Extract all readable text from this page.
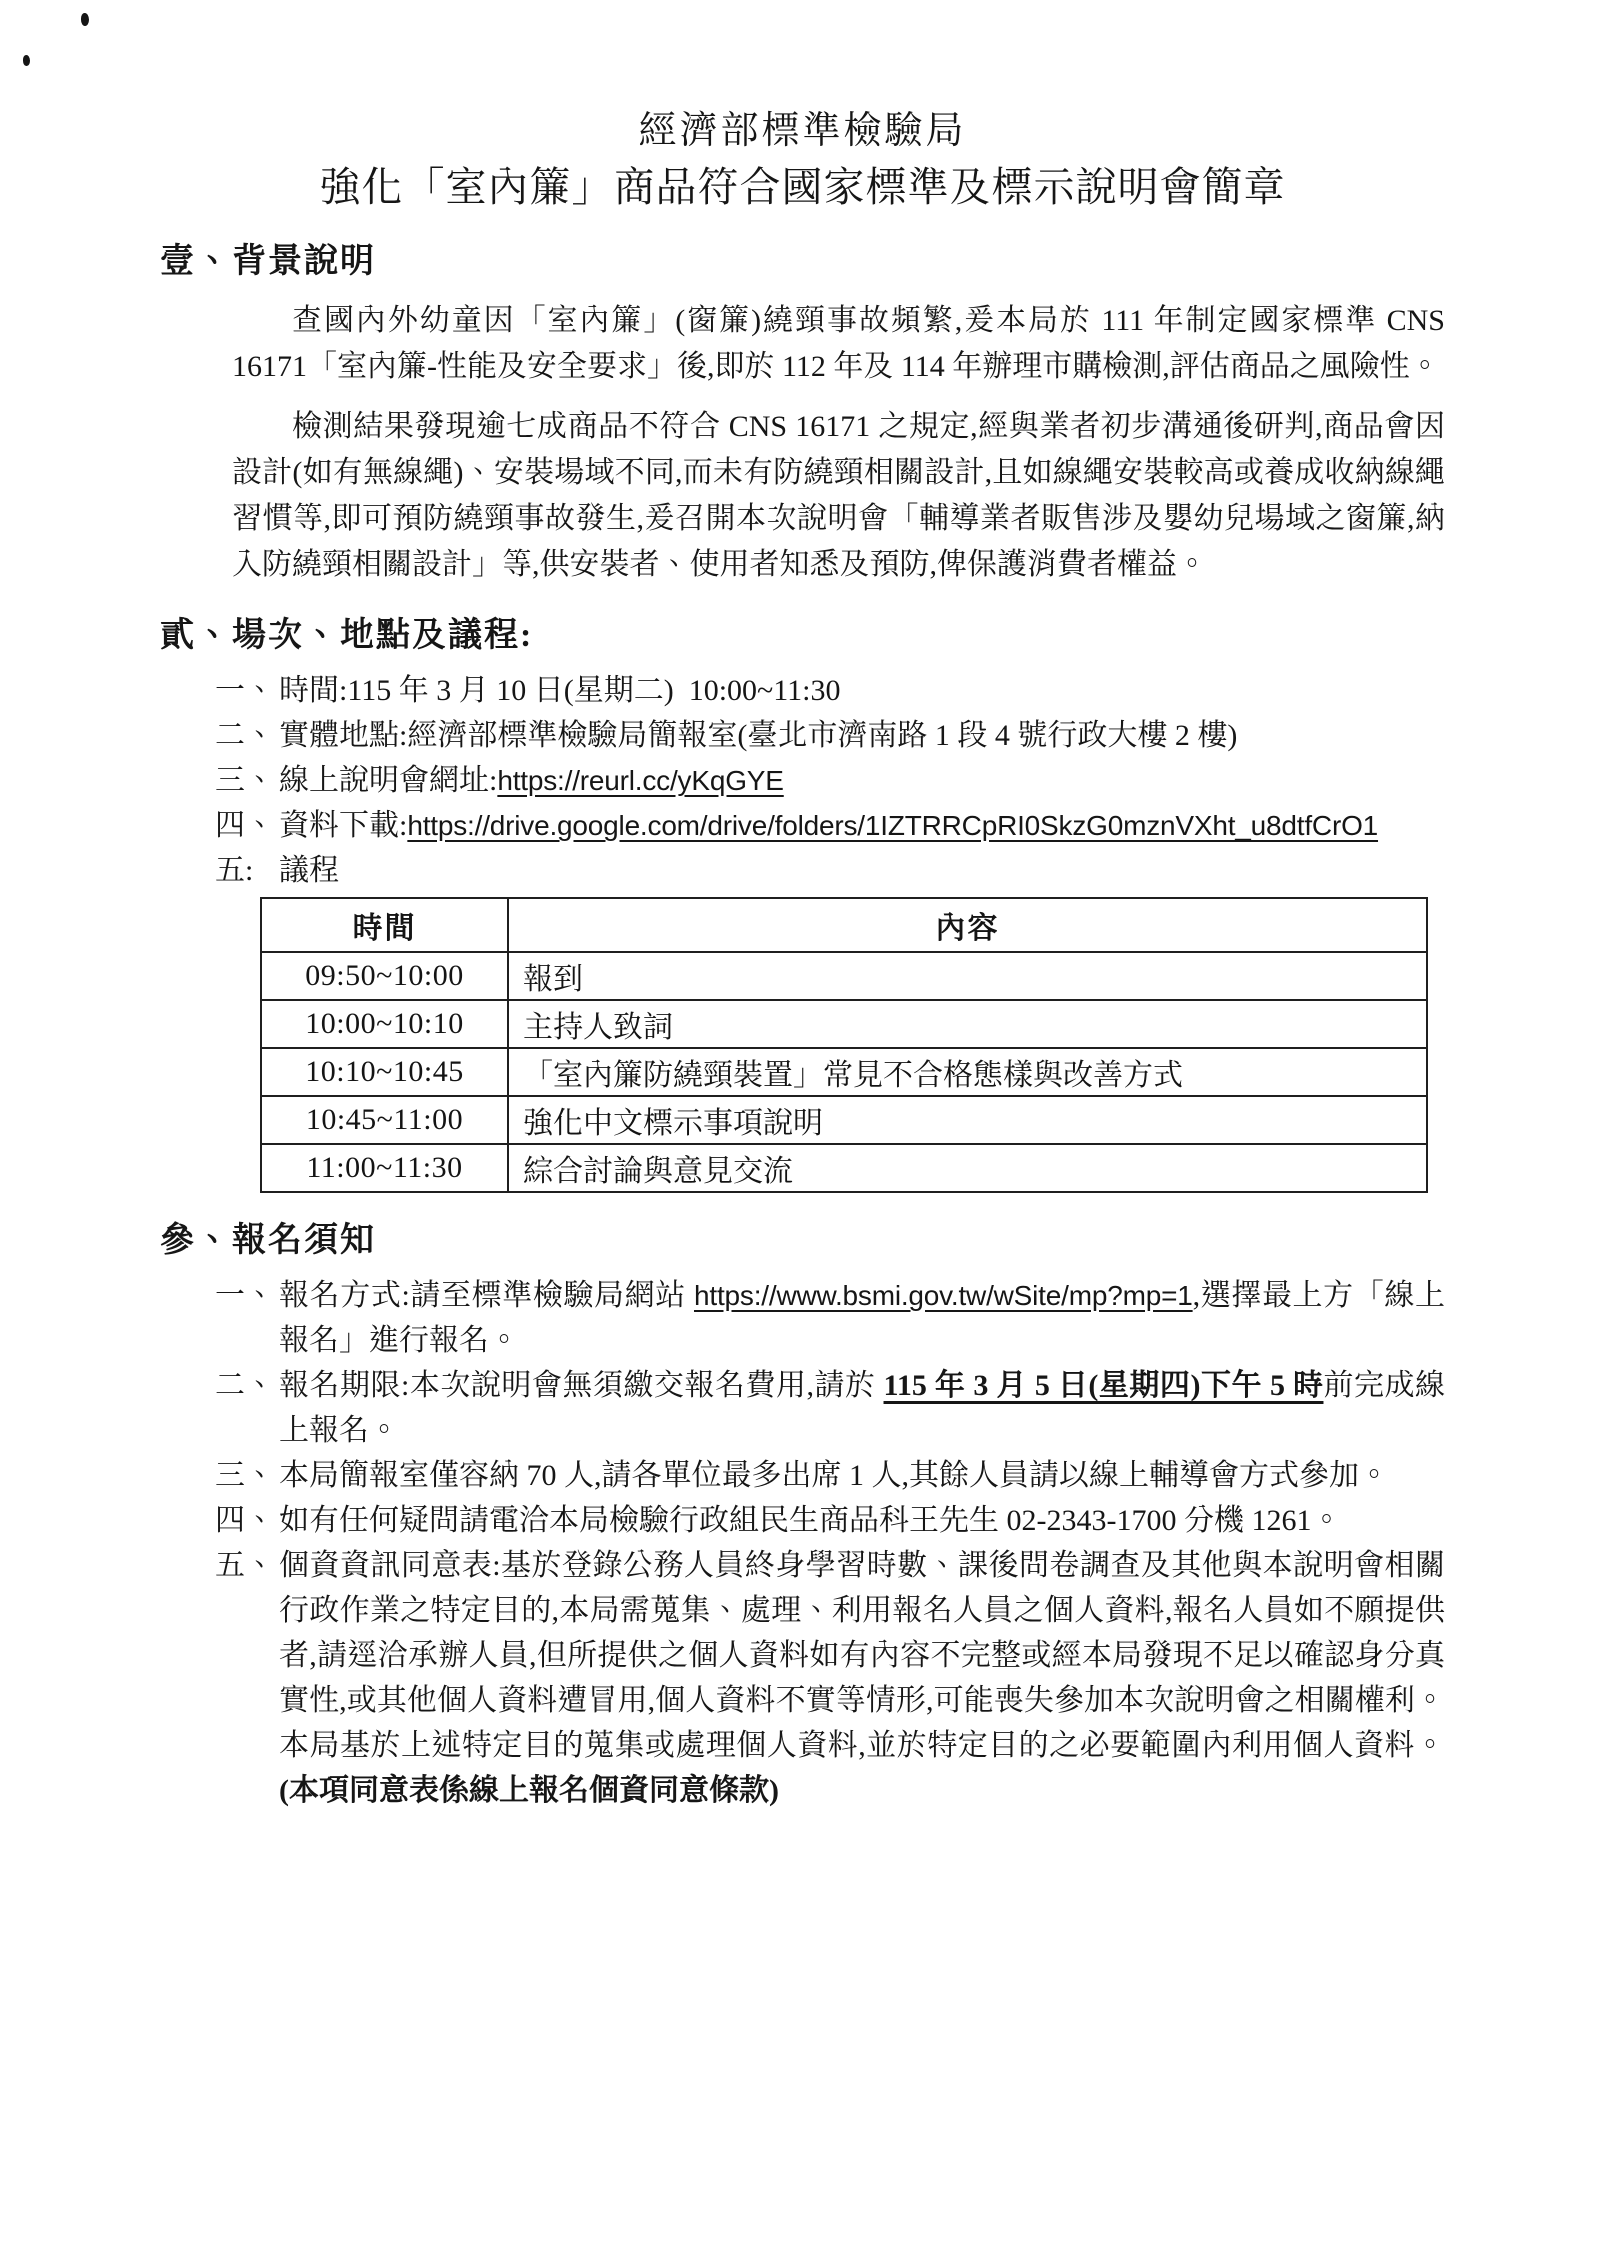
經濟部標準檢驗局
強化「室內簾」商品符合國家標準及標示說明會簡章
壹、背景說明

查國內外幼童因「室內簾」(窗簾)繞頸事故頻繁,爰本局於 111 年制定國家標準 CNS 16171「室內簾-性能及安全要求」後,即於 112 年及 114 年辦理市購檢測,評估商品之風險性。

檢測結果發現逾七成商品不符合 CNS 16171 之規定,經與業者初步溝通後研判,商品會因設計(如有無線繩)、安裝場域不同,而未有防繞頸相關設計,且如線繩安裝較高或養成收納線繩習慣等,即可預防繞頸事故發生,爰召開本次說明會「輔導業者販售涉及嬰幼兒場域之窗簾,納入防繞頸相關設計」等,供安裝者、使用者知悉及預防,俾保護消費者權益。

貳、場次、地點及議程:
一、 時間:115 年 3 月 10 日(星期二)  10:00~11:30
二、 實體地點:經濟部標準檢驗局簡報室(臺北市濟南路 1 段 4 號行政大樓 2 樓)
三、 線上說明會網址:https://reurl.cc/yKqGYE
四、 資料下載:https://drive.google.com/drive/folders/1IZTRRCpRI0SkzG0mznVXht_u8dtfCrO1
五: 議程
時間	內容
09:50~10:00	報到
10:00~10:10	主持人致詞
10:10~10:45	「室內簾防繞頸裝置」常見不合格態樣與改善方式
10:45~11:00	強化中文標示事項說明
11:00~11:30	綜合討論與意見交流
參、報名須知
一、 報名方式:請至標準檢驗局網站 https://www.bsmi.gov.tw/wSite/mp?mp=1,選擇最上方「線上報名」進行報名。
二、 報名期限:本次說明會無須繳交報名費用,請於 115 年 3 月 5 日(星期四)下午 5 時前完成線上報名。
三、 本局簡報室僅容納 70 人,請各單位最多出席 1 人,其餘人員請以線上輔導會方式參加。
四、 如有任何疑問請電洽本局檢驗行政組民生商品科王先生 02-2343-1700 分機 1261。
五、 個資資訊同意表:基於登錄公務人員終身學習時數、課後問卷調查及其他與本說明會相關行政作業之特定目的,本局需蒐集、處理、利用報名人員之個人資料,報名人員如不願提供者,請逕洽承辦人員,但所提供之個人資料如有內容不完整或經本局發現不足以確認身分真實性,或其他個人資料遭冒用,個人資料不實等情形,可能喪失參加本次說明會之相關權利。本局基於上述特定目的蒐集或處理個人資料,並於特定目的之必要範圍內利用個人資料。(本項同意表係線上報名個資同意條款)
